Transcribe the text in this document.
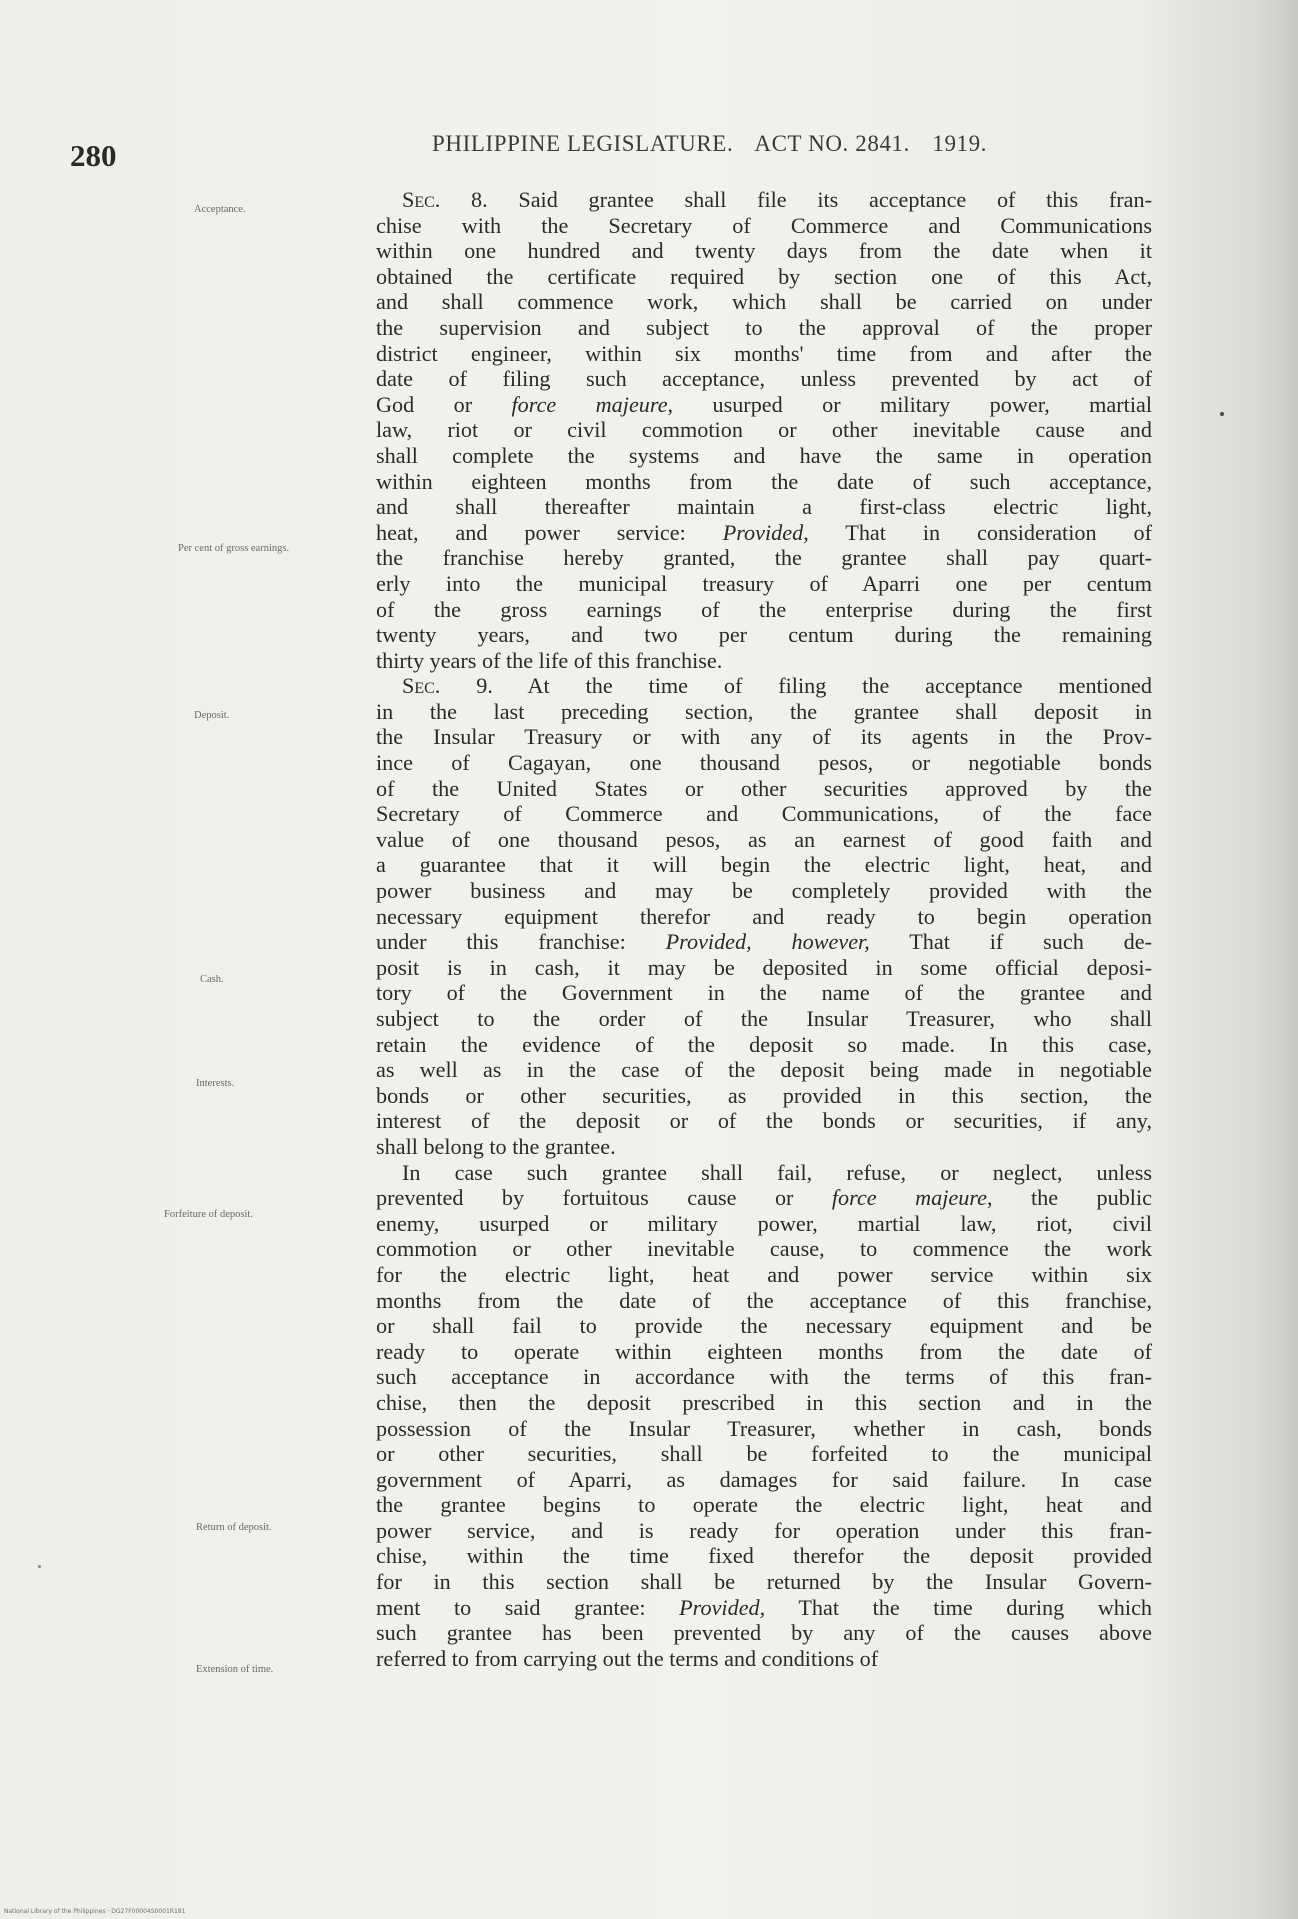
280	PHILIPPINE LEGISLATURE. ACT NO. 2841. 1919.
Acceptance.
Per cent of gross earnings.
Deposit.
Cash.
Interests.
Forfeiture of deposit.
Return of deposit.
Extension of time.
Sec. 8. Said grantee shall file its acceptance of this fran-
chise with the Secretary of Commerce and Communications
within one hundred and twenty days from the date when it
obtained the certificate required by section one of this Act,
and shall commence work, which shall be carried on under
the supervision and subject to the approval of the proper
district engineer, within six months' time from and after the
date of filing such acceptance, unless prevented by act of
God or force majeure, usurped or military power, martial
law, riot or civil commotion or other inevitable cause and
shall complete the systems and have the same in operation
within eighteen months from the date of such acceptance,
and shall thereafter maintain a first-class electric light,
heat, and power service: Provided, That in consideration of
the franchise hereby granted, the grantee shall pay quart-
erly into the municipal treasury of Aparri one per centum
of the gross earnings of the enterprise during the first
twenty years, and two per centum during the remaining
thirty years of the life of this franchise.
Sec. 9. At the time of filing the acceptance mentioned
in the last preceding section, the grantee shall deposit in
the Insular Treasury or with any of its agents in the Prov-
ince of Cagayan, one thousand pesos, or negotiable bonds
of the United States or other securities approved by the
Secretary of Commerce and Communications, of the face
value of one thousand pesos, as an earnest of good faith and
a guarantee that it will begin the electric light, heat, and
power business and may be completely provided with the
necessary equipment therefor and ready to begin operation
under this franchise: Provided, however, That if such de-
posit is in cash, it may be deposited in some official deposi-
tory of the Government in the name of the grantee and
subject to the order of the Insular Treasurer, who shall
retain the evidence of the deposit so made. In this case,
as well as in the case of the deposit being made in negotiable
bonds or other securities, as provided in this section, the
interest of the deposit or of the bonds or securities, if any,
shall belong to the grantee.
In case such grantee shall fail, refuse, or neglect, unless
prevented by fortuitous cause or force majeure, the public
enemy, usurped or military power, martial law, riot, civil
commotion or other inevitable cause, to commence the work
for the electric light, heat and power service within six
months from the date of the acceptance of this franchise,
or shall fail to provide the necessary equipment and be
ready to operate within eighteen months from the date of
such acceptance in accordance with the terms of this fran-
chise, then the deposit prescribed in this section and in the
possession of the Insular Treasurer, whether in cash, bonds
or other securities, shall be forfeited to the municipal
government of Aparri, as damages for said failure. In case
the grantee begins to operate the electric light, heat and
power service, and is ready for operation under this fran-
chise, within the time fixed therefor the deposit provided
for in this section shall be returned by the Insular Govern-
ment to said grantee: Provided, That the time during which
such grantee has been prevented by any of the causes above
referred to from carrying out the terms and conditions of
National Library of the Philippines · DG27F00004S0001R181
